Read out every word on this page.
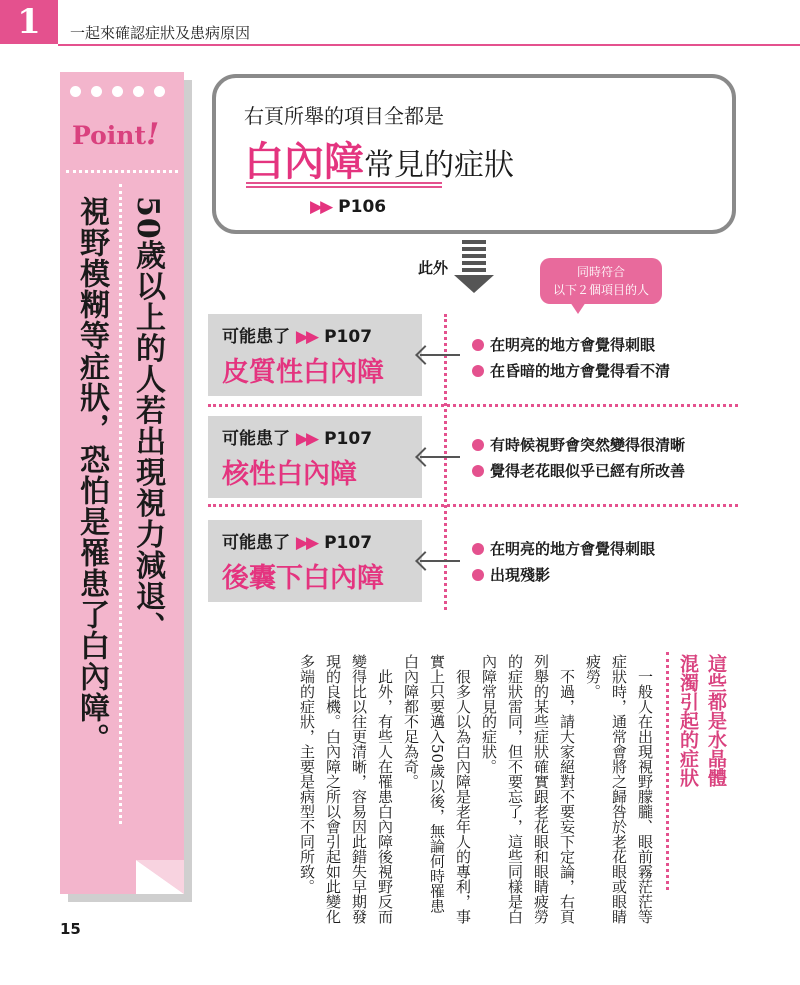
1	一起來確認症狀及患病原因
Point!
50歲以上的人若出現視力減退、
視野模糊等症狀，恐怕是罹患了白內障。
右頁所舉的項目全都是
白內障常見的症狀
▶▶ P106
此外	同時符合
以下２個項目的人
可能患了 ▶▶ P107
皮質性白內障
在明亮的地方會覺得刺眼
在昏暗的地方會覺得看不清
可能患了 ▶▶ P107
核性白內障
有時候視野會突然變得很清晰
覺得老花眼似乎已經有所改善
可能患了 ▶▶ P107
後囊下白內障
在明亮的地方會覺得刺眼
出現殘影
這些都是水晶體
混濁引起的症狀

一般人在出現視野朦朧、眼前霧茫茫等症狀時，通常會將之歸咎於老花眼或眼睛疲勞。

不過，請大家絕對不要妄下定論，右頁列舉的某些症狀確實跟老花眼和眼睛疲勞的症狀雷同，但不要忘了，這些同樣是白內障常見的症狀。

很多人以為白內障是老年人的專利，事實上只要邁入50歲以後，無論何時罹患白內障都不足為奇。

此外，有些人在罹患白內障後視野反而變得比以往更清晰，容易因此錯失早期發現的良機。白內障之所以會引起如此變化多端的症狀，主要是病型不同所致。

15
